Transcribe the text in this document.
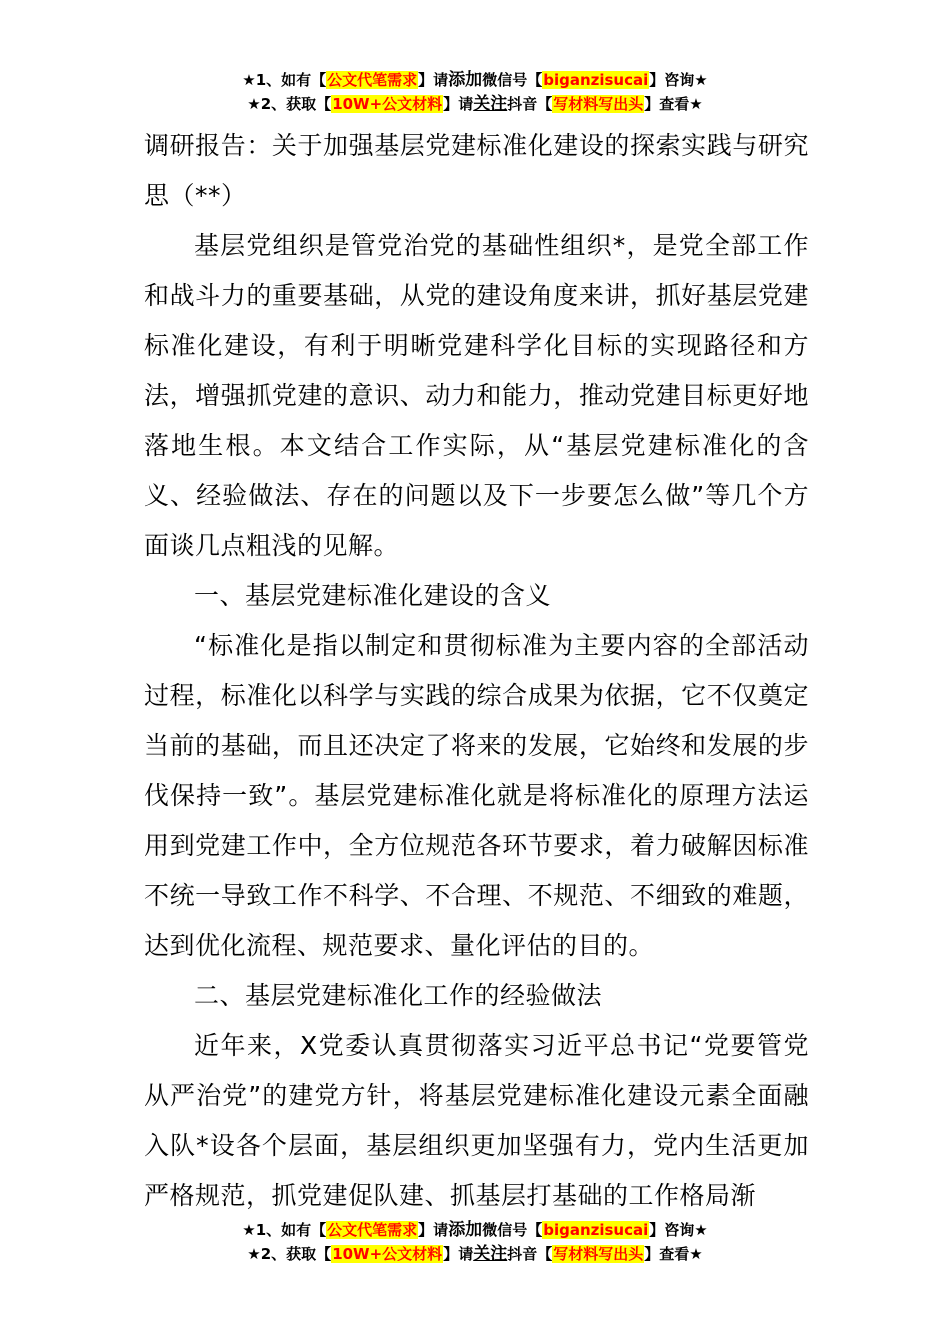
★1、如有【公文代笔需求】请添加微信号【biganzisucai】咨询★
★2、获取【10W+公文材料】请关注抖音【写材料写出头】查看★

调研报告：关于加强基层党建标准化建设的探索实践与研究思（**）

基层党组织是管党治党的基础性组织*，是党全部工作和战斗力的重要基础，从党的建设角度来讲，抓好基层党建标准化建设，有利于明晰党建科学化目标的实现路径和方法，增强抓党建的意识、动力和能力，推动党建目标更好地落地生根。本文结合工作实际，从“基层党建标准化的含义、经验做法、存在的问题以及下一步要怎么做”等几个方面谈几点粗浅的见解。

一、基层党建标准化建设的含义

“标准化是指以制定和贯彻标准为主要内容的全部活动过程，标准化以科学与实践的综合成果为依据，它不仅奠定当前的基础，而且还决定了将来的发展，它始终和发展的步伐保持一致”。基层党建标准化就是将标准化的原理方法运用到党建工作中，全方位规范各环节要求，着力破解因标准不统一导致工作不科学、不合理、不规范、不细致的难题，达到优化流程、规范要求、量化评估的目的。

二、基层党建标准化工作的经验做法

近年来，X党委认真贯彻落实习近平总书记“党要管党从严治党”的建党方针，将基层党建标准化建设元素全面融入队*设各个层面，基层组织更加坚强有力，党内生活更加严格规范，抓党建促队建、抓基层打基础的工作格局渐

★1、如有【公文代笔需求】请添加微信号【biganzisucai】咨询★
★2、获取【10W+公文材料】请关注抖音【写材料写出头】查看★
